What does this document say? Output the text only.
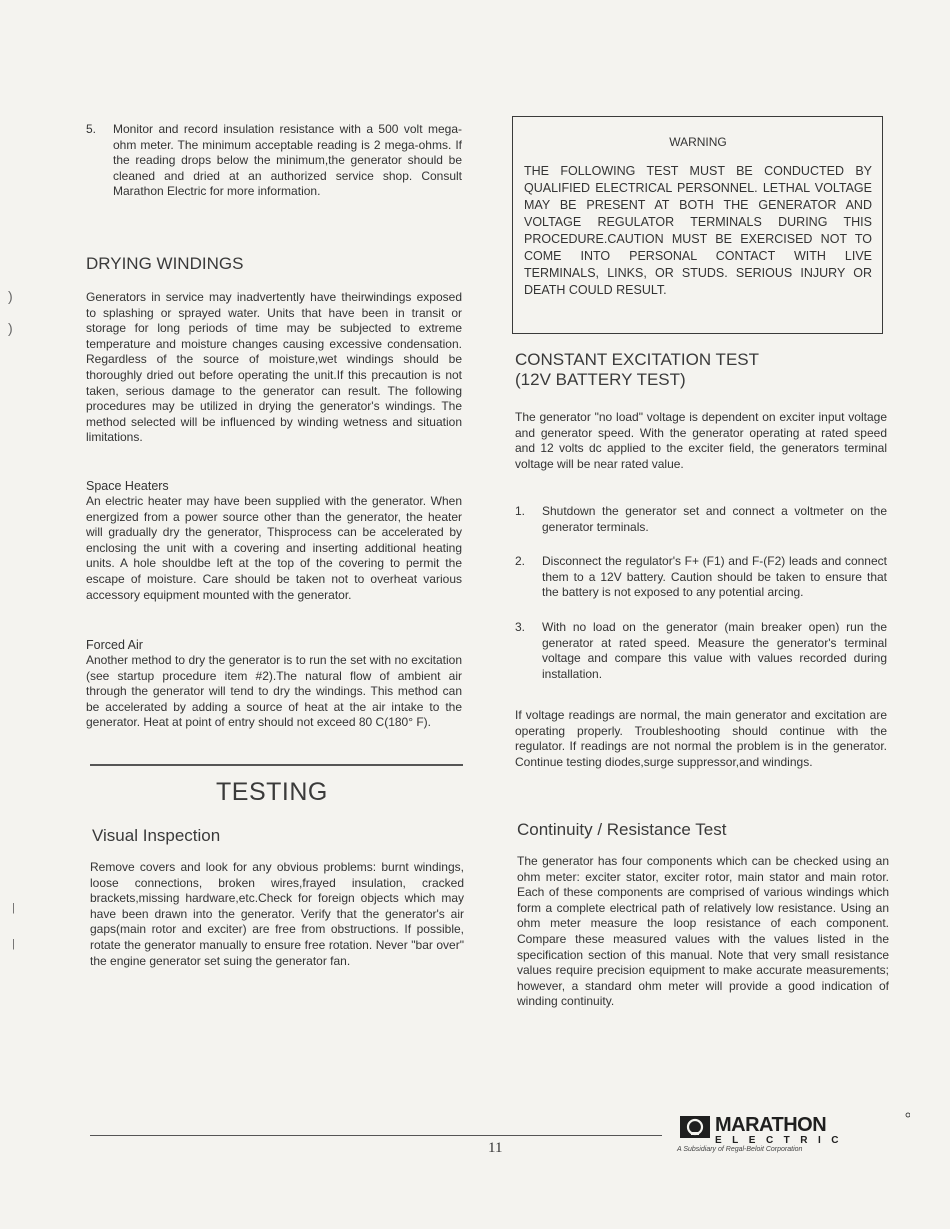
5. Monitor and record insulation resistance with a 500 volt mega-ohm meter. The minimum acceptable reading is 2 mega-ohms. If the reading drops below the minimum,the generator should be cleaned and dried at an authorized service shop. Consult Marathon Electric for more information.

DRYING WINDINGS
Generators in service may inadvertently have theirwindings exposed to splashing or sprayed water. Units that have been in transit or storage for long periods of time may be subjected to extreme temperature and moisture changes causing excessive condensation. Regardless of the source of moisture,wet windings should be thoroughly dried out before operating the unit.If this precaution is not taken, serious damage to the generator can result. The following procedures may be utilized in drying the generator's windings. The method selected will be influenced by winding wetness and situation limitations.
Space Heaters
An electric heater may have been supplied with the generator. When energized from a power source other than the generator, the heater will gradually dry the generator, Thisprocess can be accelerated by enclosing the unit with a covering and inserting additional heating units. A hole shouldbe left at the top of the covering to permit the escape of moisture. Care should be taken not to overheat various accessory equipment mounted with the generator.
Forced Air
Another method to dry the generator is to run the set with no excitation (see startup procedure item #2).The natural flow of ambient air through the generator will tend to dry the windings. This method can be accelerated by adding a source of heat at the air intake to the generator. Heat at point of entry should not exceed 80 C(180° F).
TESTING
Visual Inspection
Remove covers and look for any obvious problems: burnt windings, loose connections, broken wires,frayed insulation, cracked brackets,missing hardware,etc.Check for foreign objects which may have been drawn into the generator. Verify that the generator's air gaps(main rotor and exciter) are free from obstructions. If possible, rotate the generator manually to ensure free rotation. Never "bar over" the engine generator set suing the generator fan.
WARNING

THE FOLLOWING TEST MUST BE CONDUCTED BY QUALIFIED ELECTRICAL PERSONNEL. LETHAL VOLTAGE MAY BE PRESENT AT BOTH THE GENERATOR AND VOLTAGE REGULATOR TERMINALS DURING THIS PROCEDURE.CAUTION MUST BE EXERCISED NOT TO COME INTO PERSONAL CONTACT WITH LIVE TERMINALS, LINKS, OR STUDS. SERIOUS INJURY OR DEATH COULD RESULT.

CONSTANT EXCITATION TEST
(12V BATTERY TEST)
The generator "no load" voltage is dependent on exciter input voltage and generator speed. With the generator operating at rated speed and 12 volts dc applied to the exciter field, the generators terminal voltage will be near rated value.
1. Shutdown the generator set and connect a voltmeter on the generator terminals.

2. Disconnect the regulator's F+ (F1) and F-(F2) leads and connect them to a 12V battery. Caution should be taken to ensure that the battery is not exposed to any potential arcing.

3. With no load on the generator (main breaker open) run the generator at rated speed. Measure the generator's terminal voltage and compare this value with values recorded during installation.

If voltage readings are normal, the main generator and excitation are operating properly. Troubleshooting should continue with the regulator. If readings are not normal the problem is in the generator. Continue testing diodes,surge suppressor,and windings.
Continuity / Resistance Test
The generator has four components which can be checked using an ohm meter: exciter stator, exciter rotor, main stator and main rotor. Each of these components are comprised of various windings which form a complete electrical path of relatively low resistance. Using an ohm meter measure the loop resistance of each component. Compare these measured values with the values listed in the specification section of this manual. Note that very small resistance values require precision equipment to make accurate measurements; however, a standard ohm meter will provide a good indication of winding continuity.
11
MARATHON
ELECTRIC
A Subsidiary of Regal-Beloit Corporation
)
)
|
|
